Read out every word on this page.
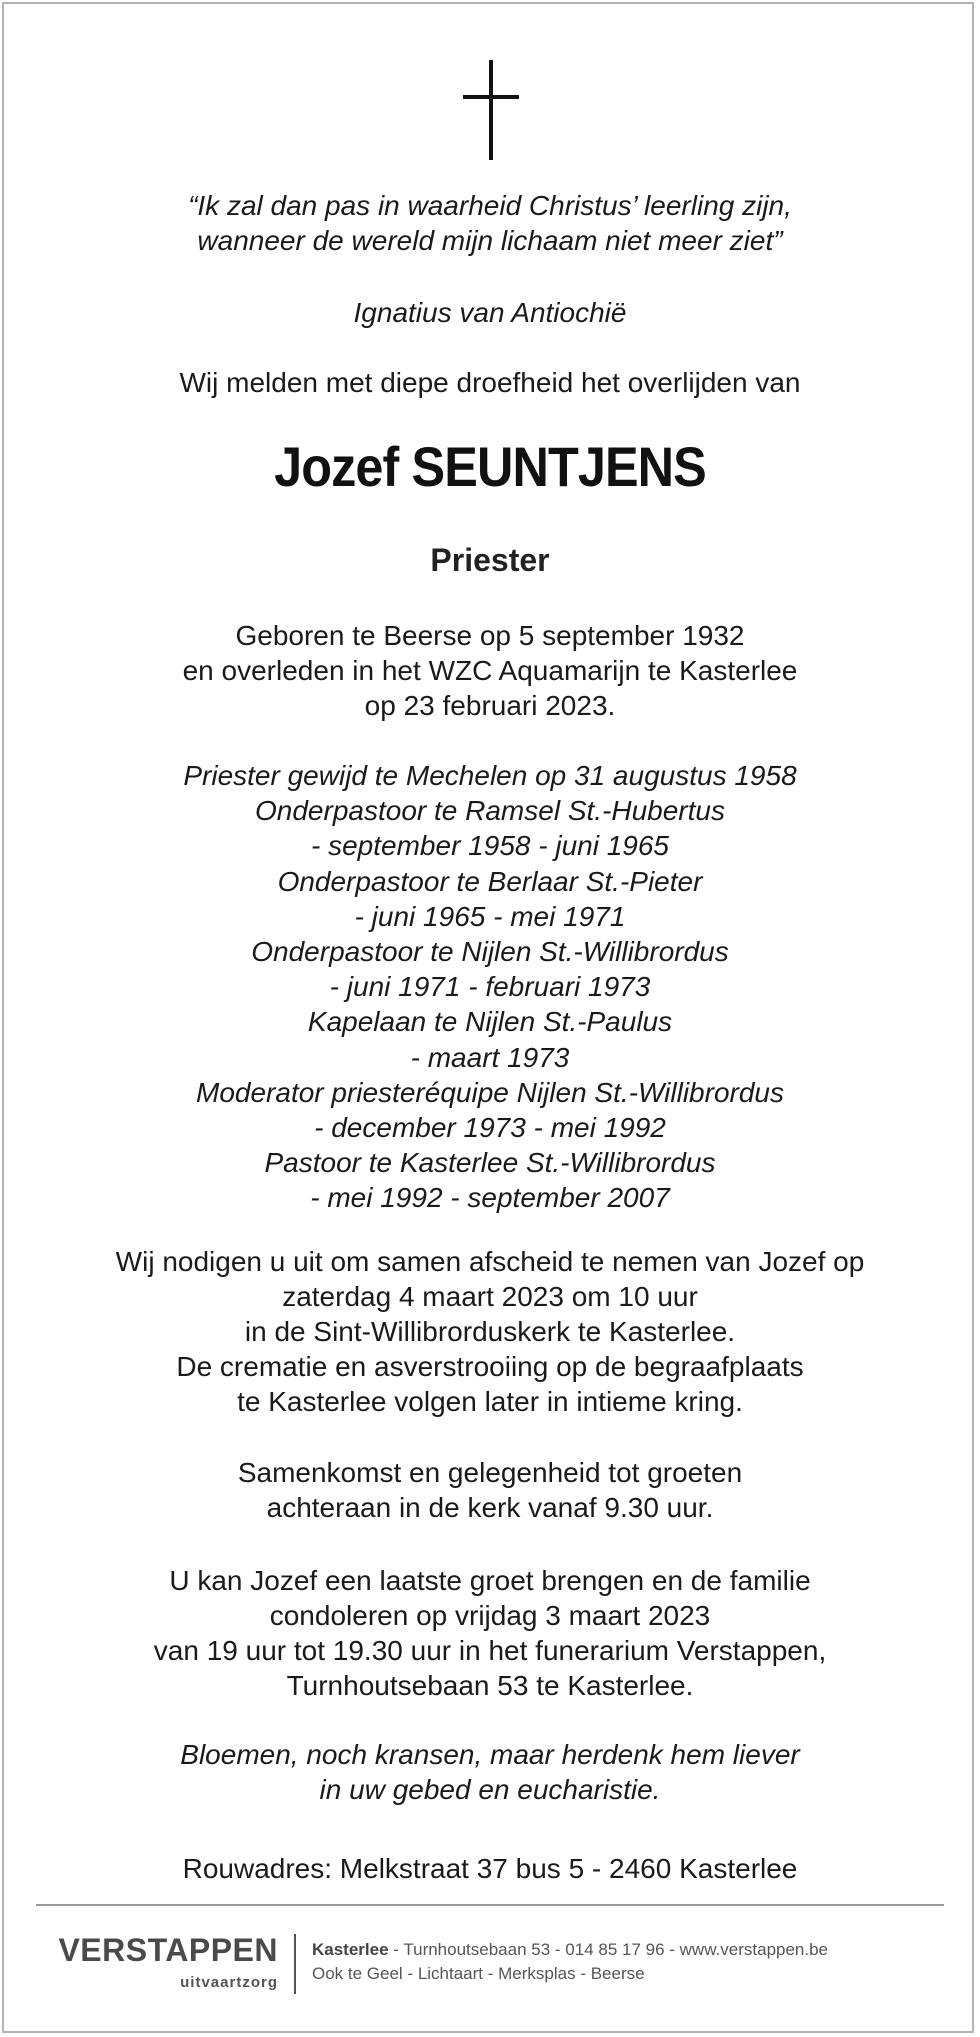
“Ik zal dan pas in waarheid Christus’ leerling zijn,
wanneer de wereld mijn lichaam niet meer ziet”
Ignatius van Antiochië
Wij melden met diepe droefheid het overlijden van
Jozef SEUNTJENS
Priester
Geboren te Beerse op 5 september 1932
en overleden in het WZC Aquamarijn te Kasterlee
op 23 februari 2023.
Priester gewijd te Mechelen op 31 augustus 1958
Onderpastoor te Ramsel St.-Hubertus
- september 1958 - juni 1965
Onderpastoor te Berlaar St.-Pieter
- juni 1965 - mei 1971
Onderpastoor te Nijlen St.-Willibrordus
- juni 1971 - februari 1973
Kapelaan te Nijlen St.-Paulus
- maart 1973
Moderator priesteréquipe Nijlen St.-Willibrordus
- december 1973 - mei 1992
Pastoor te Kasterlee St.-Willibrordus
- mei 1992 - september 2007
Wij nodigen u uit om samen afscheid te nemen van Jozef op
zaterdag 4 maart 2023 om 10 uur
in de Sint-Willibrorduskerk te Kasterlee.
De crematie en asverstrooiing op de begraafplaats
te Kasterlee volgen later in intieme kring.
Samenkomst en gelegenheid tot groeten
achteraan in de kerk vanaf 9.30 uur.
U kan Jozef een laatste groet brengen en de familie
condoleren op vrijdag 3 maart 2023
van 19 uur tot 19.30 uur in het funerarium Verstappen,
Turnhoutsebaan 53 te Kasterlee.
Bloemen, noch kransen, maar herdenk hem liever
in uw gebed en eucharistie.
Rouwadres: Melkstraat 37 bus 5 - 2460 Kasterlee
VERSTAPPEN
uitvaartzorg
Kasterlee - Turnhoutsebaan 53 - 014 85 17 96 - www.verstappen.be
Ook te Geel - Lichtaart - Merksplas - Beerse
